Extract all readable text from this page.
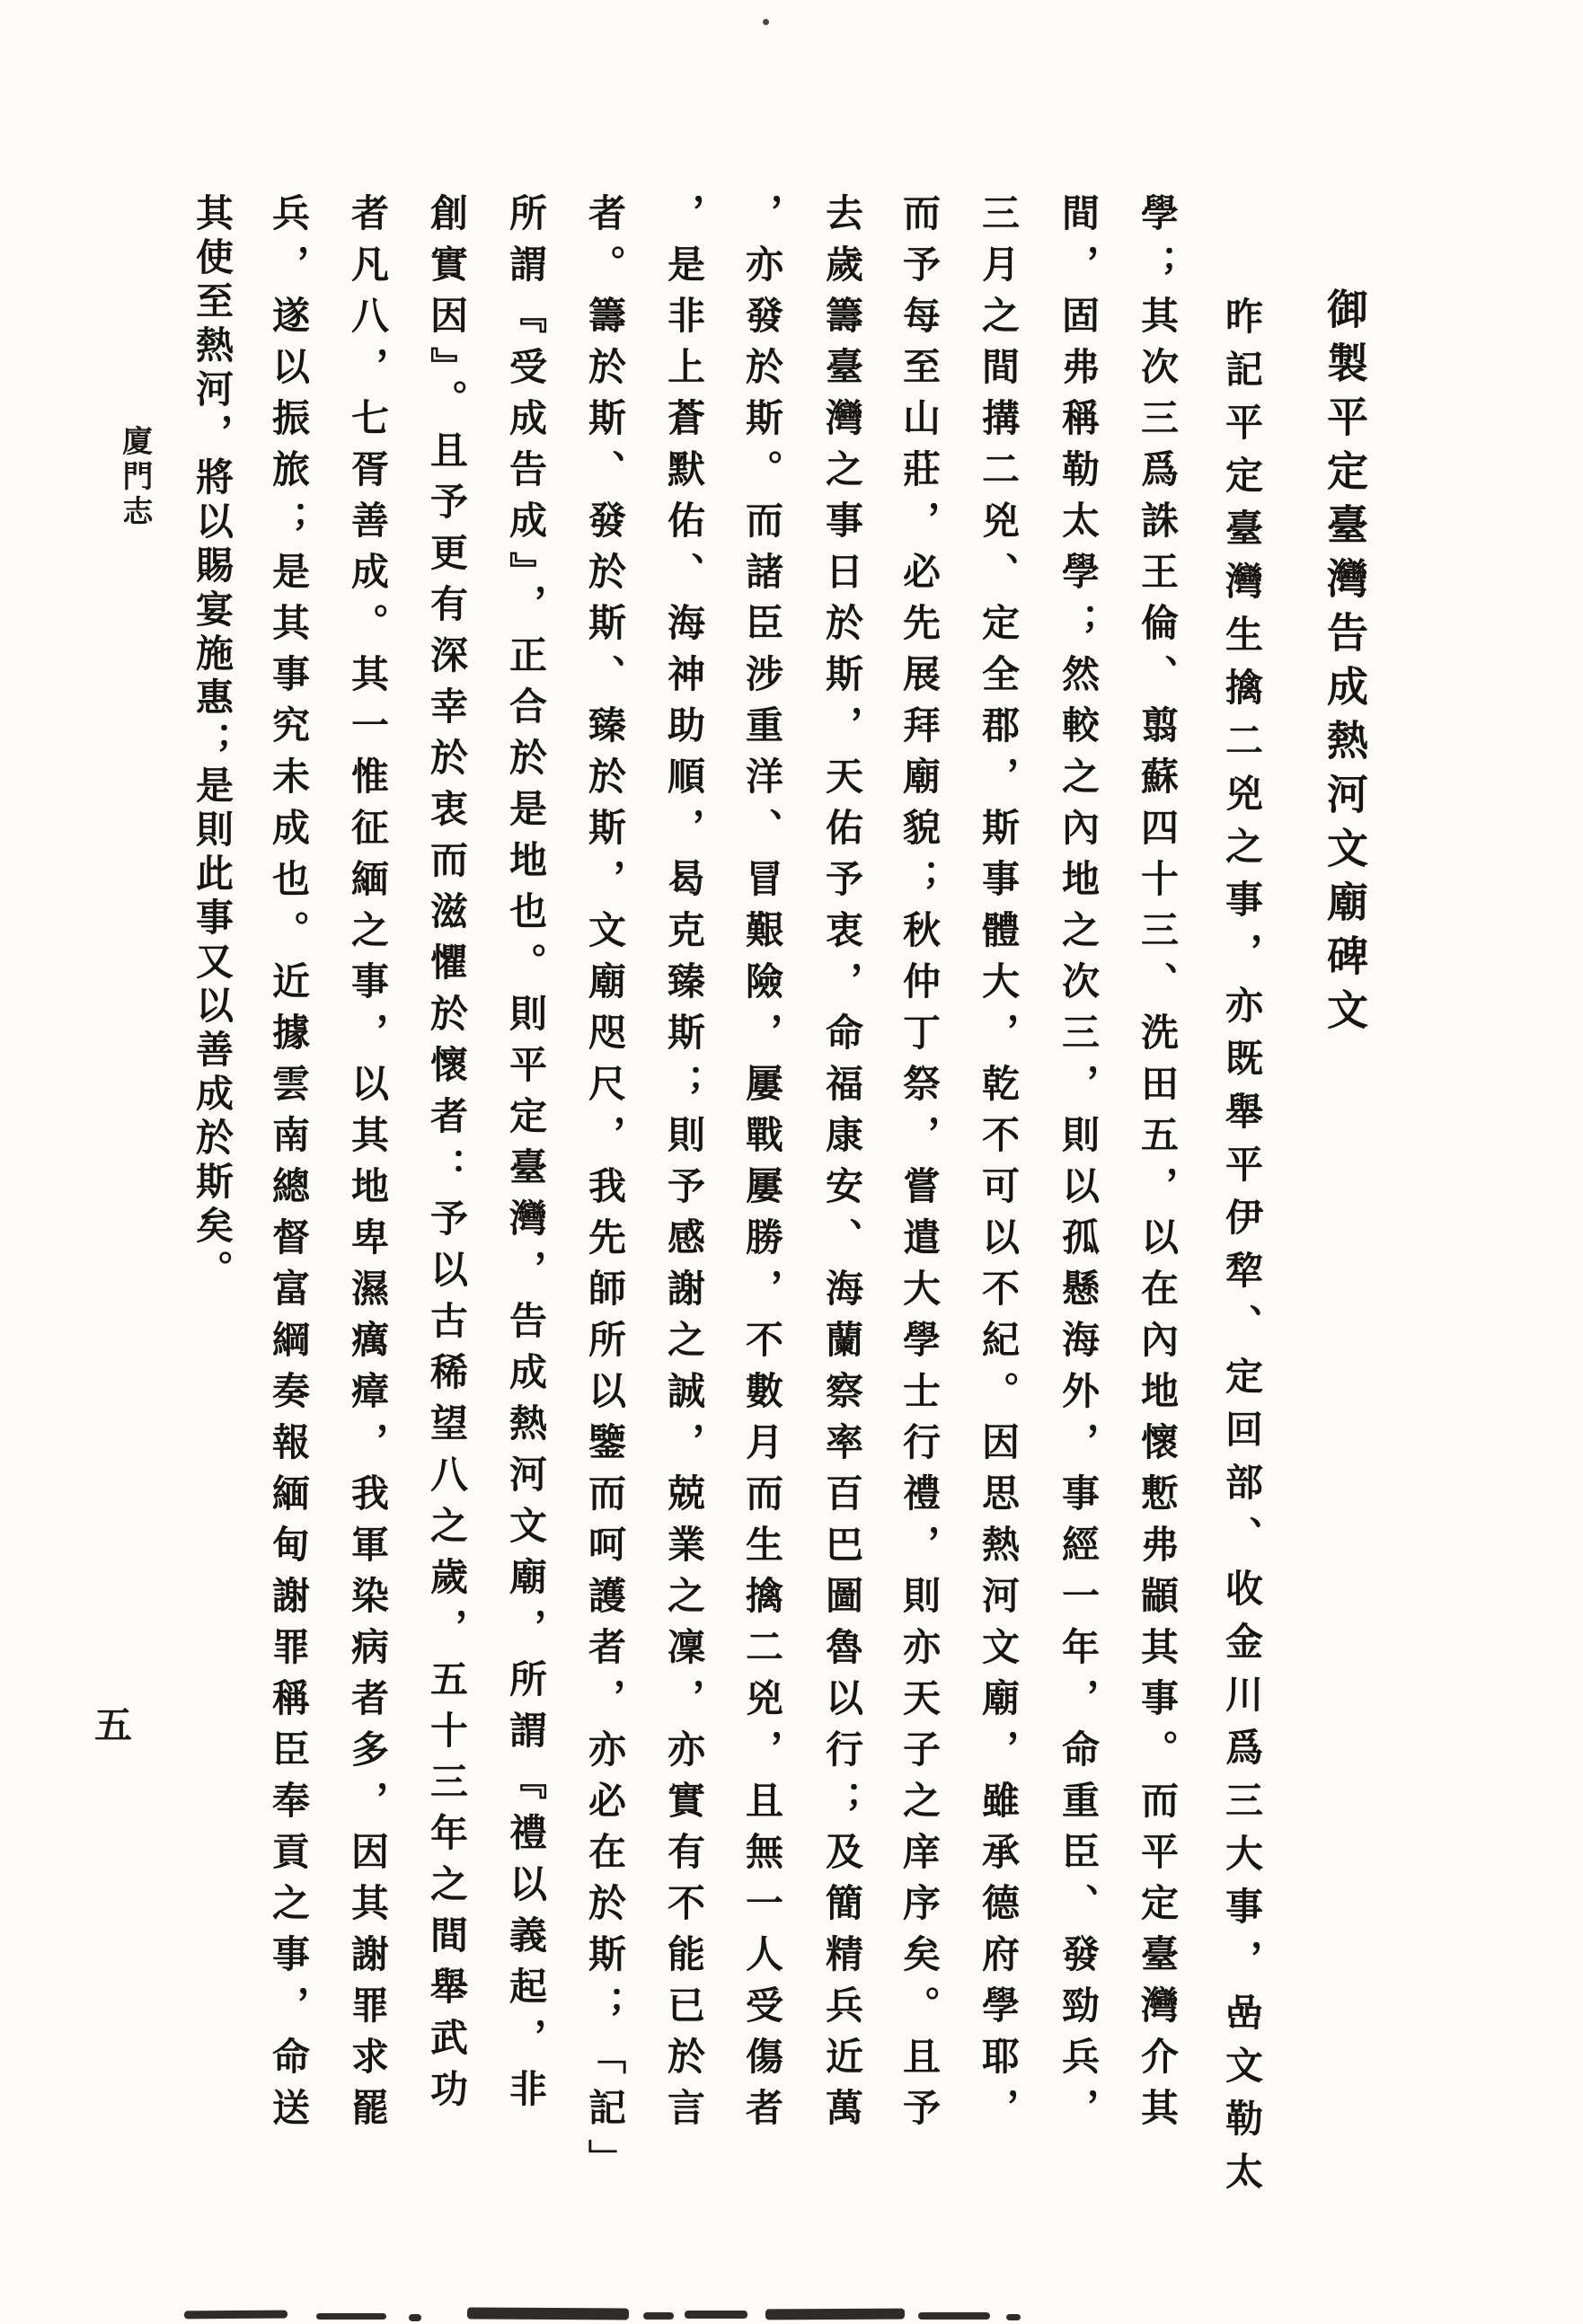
御製平定臺灣告成熱河文廟碑文
昨記平定臺灣生擒二兇之事，亦既舉平伊犂、定回部、收金川爲三大事，嵒文勒太
學；其次三爲誅王倫、翦蘇四十三、洗田五，以在內地懷慙弗顓其事。而平定臺灣介其
間，固弗稱勒太學；然較之內地之次三，則以孤懸海外，事經一年，命重臣、發勁兵，
三月之間搆二兇、定全郡，斯事體大，乾不可以不紀。因思熱河文廟，雖承德府學耶，
而予每至山莊，必先展拜廟貌；秋仲丁祭，嘗遣大學士行禮，則亦天子之庠序矣。且予
去歲籌臺灣之事日於斯，天佑予衷，命福康安、海蘭察率百巴圖魯以行；及簡精兵近萬
，亦發於斯。而諸臣涉重洋、冒艱險，屢戰屢勝，不數月而生擒二兇，且無一人受傷者
，是非上蒼默佑、海神助順，曷克臻斯；則予感謝之誠，兢業之凜，亦實有不能已於言
者。籌於斯、發於斯、臻於斯，文廟咫尺，我先師所以鑒而呵護者，亦必在於斯；「記」
所謂『受成告成』，正合於是地也。則平定臺灣，告成熱河文廟，所謂『禮以義起，非
創實因』。且予更有深幸於衷而滋懼於懷者：予以古稀望八之歲，五十三年之間舉武功
者凡八，七胥善成。其一惟征緬之事，以其地卑濕癘瘴，我軍染病者多，因其謝罪求罷
兵，遂以振旅；是其事究未成也。近據雲南總督富綱奏報緬甸謝罪稱臣奉貢之事，命送
其使至熱河，將以賜宴施惠；是則此事又以善成於斯矣。
廈門志
五
